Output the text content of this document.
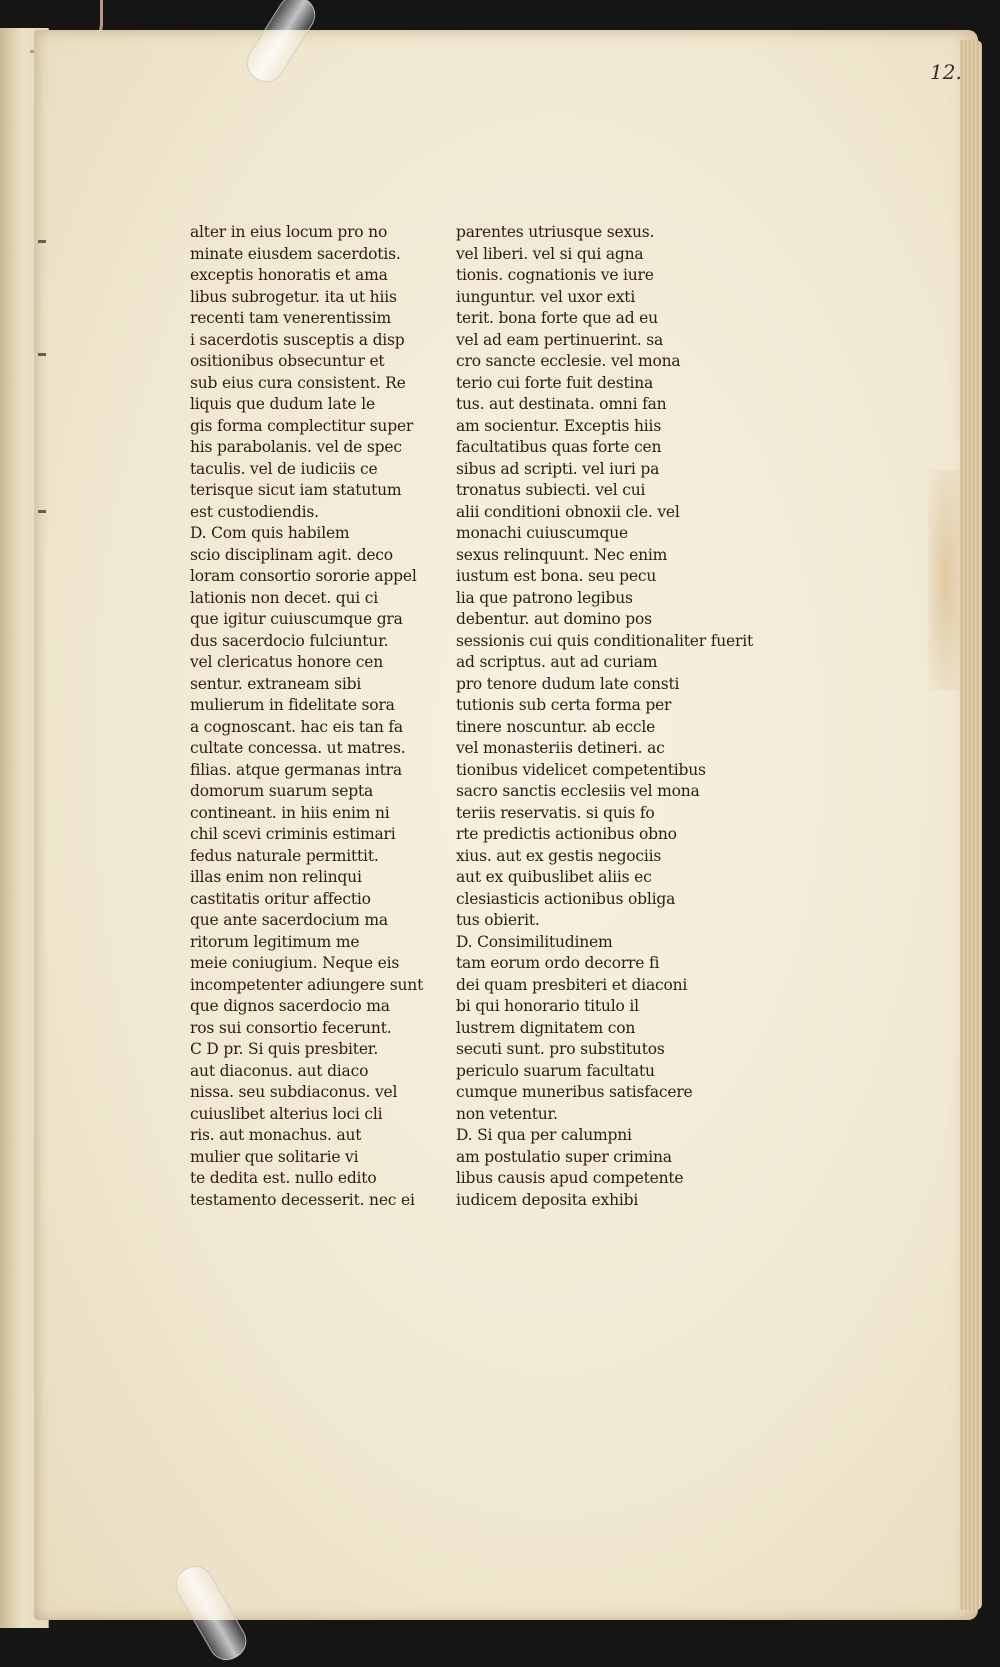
12.
alter in eius locum pro no
minate eiusdem sacerdotis.
exceptis honoratis et ama
libus subrogetur. ita ut hiis
recenti tam venerentissim
i sacerdotis susceptis a disp
ositionibus obsecuntur et
sub eius cura consistent. Re
liquis que dudum late le
gis forma complectitur super
his parabolanis. vel de spec
taculis. vel de iudiciis ce
terisque sicut iam statutum
est custodiendis.
D. Com quis habilem
scio disciplinam agit. deco
loram consortio sororie appel
lationis non decet. qui ci
que igitur cuiuscumque gra
dus sacerdocio fulciuntur.
vel clericatus honore cen
sentur. extraneam sibi
mulierum in fidelitate sora
a cognoscant. hac eis tan fa
cultate concessa. ut matres.
filias. atque germanas intra
domorum suarum septa
contineant. in hiis enim ni
chil scevi criminis estimari
fedus naturale permittit.
illas enim non relinqui
castitatis oritur affectio
que ante sacerdocium ma
ritorum legitimum me
meie coniugium. Neque eis
incompetenter adiungere sunt
que dignos sacerdocio ma
ros sui consortio fecerunt.
C D pr. Si quis presbiter.
aut diaconus. aut diaco
nissa. seu subdiaconus. vel
cuiuslibet alterius loci cli
ris. aut monachus. aut
mulier que solitarie vi
te dedita est. nullo edito
testamento decesserit. nec ei
parentes utriusque sexus.
vel liberi. vel si qui agna
tionis. cognationis ve iure
iunguntur. vel uxor exti
terit. bona forte que ad eu
vel ad eam pertinuerint. sa
cro sancte ecclesie. vel mona
terio cui forte fuit destina
tus. aut destinata. omni fan
am socientur. Exceptis hiis
facultatibus quas forte cen
sibus ad scripti. vel iuri pa
tronatus subiecti. vel cui
alii conditioni obnoxii cle. vel
monachi cuiuscumque
sexus relinquunt. Nec enim
iustum est bona. seu pecu
lia que patrono legibus
debentur. aut domino pos
sessionis cui quis conditionaliter fuerit
ad scriptus. aut ad curiam
pro tenore dudum late consti
tutionis sub certa forma per
tinere noscuntur. ab eccle
vel monasteriis detineri. ac
tionibus videlicet competentibus
sacro sanctis ecclesiis vel mona
teriis reservatis. si quis fo
rte predictis actionibus obno
xius. aut ex gestis negociis
aut ex quibuslibet aliis ec
clesiasticis actionibus obliga
tus obierit.
D. Consimilitudinem
tam eorum ordo decorre fi
dei quam presbiteri et diaconi
bi qui honorario titulo il
lustrem dignitatem con
secuti sunt. pro substitutos
periculo suarum facultatu
cumque muneribus satisfacere
non vetentur.
D. Si qua per calumpni
am postulatio super crimina
libus causis apud competente
iudicem deposita exhibi
